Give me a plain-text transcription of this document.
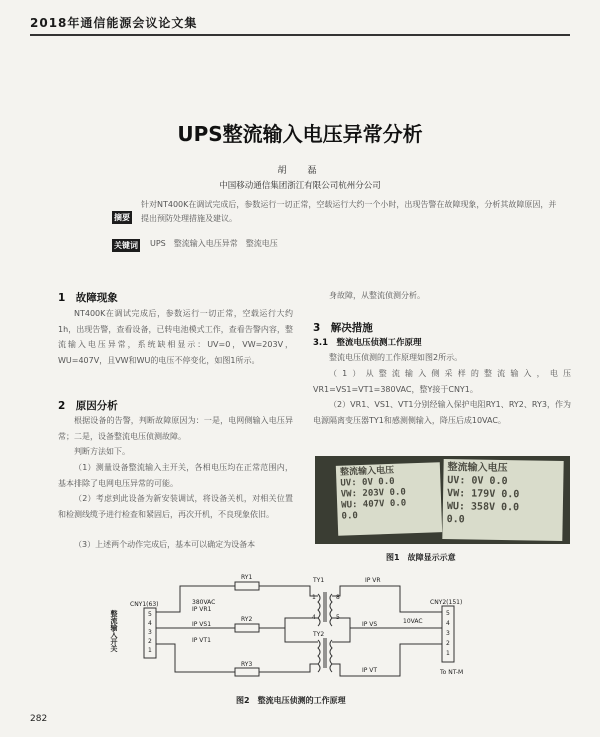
2018年通信能源会议论文集
UPS整流输入电压异常分析
胡　磊
中国移动通信集团浙江有限公司杭州分公司
摘要
针对NT400K在调试完成后，参数运行一切正常，空载运行大约一个小时，出现告警在故障现象，分析其故障原因，并提出预防处理措施及建议。
关键词 UPS　整流输入电压异常　整流电压
1　故障现象
NT400K在调试完成后，参数运行一切正常，空载运行大约1h，出现告警，查看设备，已转电池模式工作，查看告警内容，整流输入电压异常，系统缺相显示：UV=0，VW=203V，WU=407V，且VW和WU的电压不停变化，如图1所示。
2　原因分析
根据设备的告警，判断故障原因为：一是，电网侧输入电压异常；二是，设备整流电压侦测故障。
判断方法如下。
（1）测量设备整流输入主开关，各相电压均在正常范围内，基本排除了电网电压异常的可能。
（2）考虑到此设备为新安装调试，将设备关机，对相关位置和检测线缆予进行检查和紧固后，再次开机，不良现象依旧。
（3）上述两个动作完成后，基本可以确定为设备本
身故障，从整流侦测分析。
3　解决措施
3.1　整流电压侦测工作原理
整流电压侦测的工作原理如图2所示。
（1）从整流输入侧采样的整流输入，电压VR1=VS1=VT1=380VAC，整Y接于CNY1。
（2）VR1、VS1、VT1分别经输入保护电阻RY1、RY2、RY3，作为电源隔离变压器TY1和感测侧输入，降压后成10VAC。
整流输入电压
UV: 0V 0.0
VW: 203V 0.0
WU: 407V 0.0
0.0
整流输入电压
UV: 0V 0.0
VW: 179V 0.0
WU: 358V 0.0
0.0
图1　故障显示示意
CNY1(63)	380VAC
IP VR1
IP VS1
IP VT1
RY1
RY2
RY3
TY1
TY2
IP VR
IP VS
IP VT
10VAC
CNY2(151)
To NT-M
5
4
3
2
1
5
4
3
2
1
1	8
5
4
整流输入开关
图2　整流电压侦测的工作原理
282
